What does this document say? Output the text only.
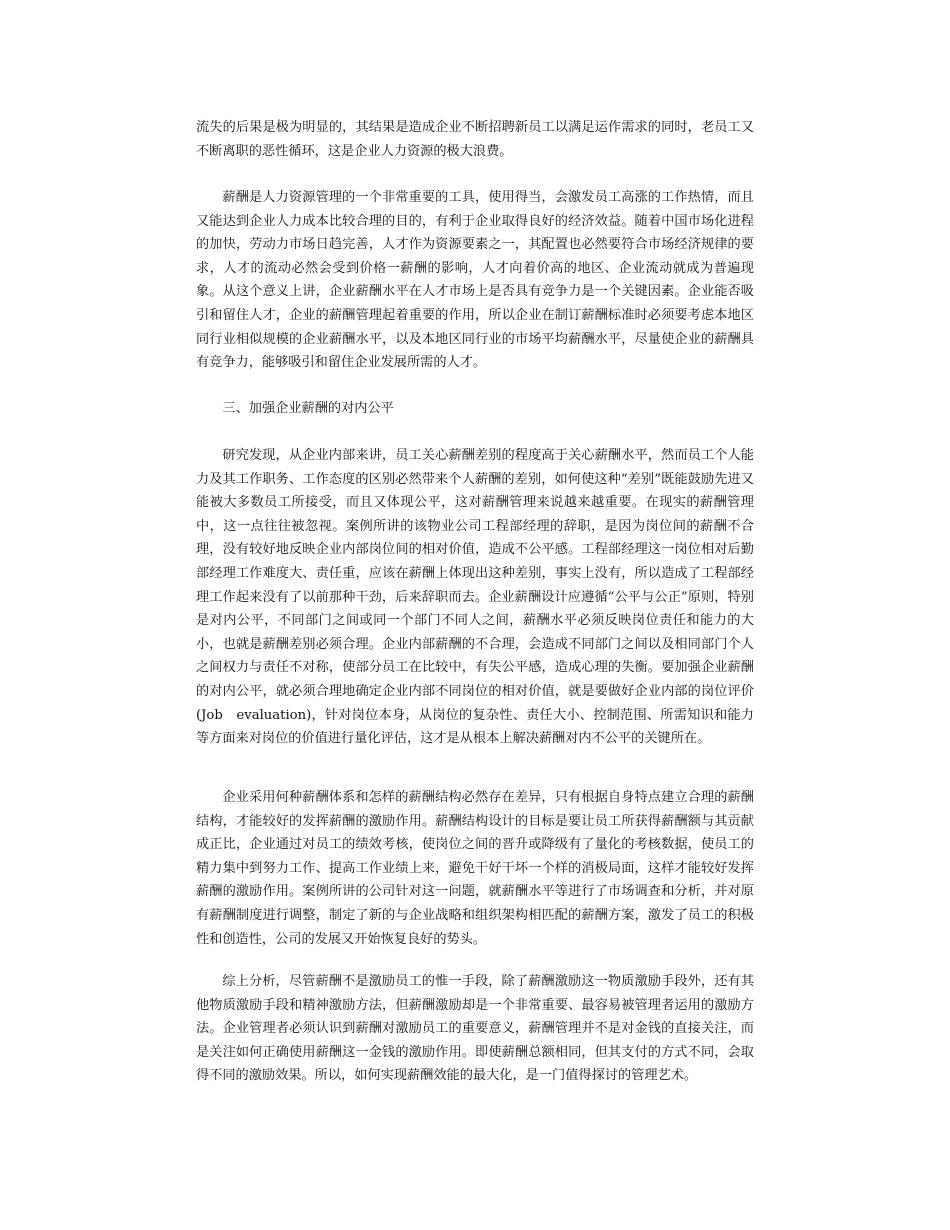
流失的后果是极为明显的，其结果是造成企业不断招聘新员工以满足运作需求的同时，老员工又不断离职的恶性循环，这是企业人力资源的极大浪费。

薪酬是人力资源管理的一个非常重要的工具，使用得当，会激发员工高涨的工作热情，而且又能达到企业人力成本比较合理的目的，有利于企业取得良好的经济效益。随着中国市场化进程的加快，劳动力市场日趋完善，人才作为资源要素之一，其配置也必然要符合市场经济规律的要求，人才的流动必然会受到价格一薪酬的影响，人才向着价高的地区、企业流动就成为普遍现象。从这个意义上讲，企业薪酬水平在人才市场上是否具有竞争力是一个关键因素。企业能否吸引和留住人才，企业的薪酬管理起着重要的作用，所以企业在制订薪酬标准时必须要考虑本地区同行业相似规模的企业薪酬水平，以及本地区同行业的市场平均薪酬水平，尽量使企业的薪酬具有竞争力，能够吸引和留住企业发展所需的人才。

三、加强企业薪酬的对内公平

研究发现，从企业内部来讲，员工关心薪酬差别的程度高于关心薪酬水平，然而员工个人能力及其工作职务、工作态度的区别必然带来个人薪酬的差别，如何使这种“差别”既能鼓励先进又能被大多数员工所接受，而且又体现公平，这对薪酬管理来说越来越重要。在现实的薪酬管理中，这一点往往被忽视。案例所讲的该物业公司工程部经理的辞职，是因为岗位间的薪酬不合理，没有较好地反映企业内部岗位间的相对价值，造成不公平感。工程部经理这一岗位相对后勤部经理工作难度大、责任重，应该在薪酬上体现出这种差别，事实上没有，所以造成了工程部经理工作起来没有了以前那种干劲，后来辞职而去。企业薪酬设计应遵循“公平与公正”原则，特别是对内公平，不同部门之间或同一个部门不同人之间，薪酬水平必须反映岗位责任和能力的大小，也就是薪酬差别必须合理。企业内部薪酬的不合理，会造成不同部门之间以及相同部门个人之间权力与责任不对称，使部分员工在比较中，有失公平感，造成心理的失衡。要加强企业薪酬的对内公平，就必须合理地确定企业内部不同岗位的相对价值，就是要做好企业内部的岗位评价(Job　evaluation)，针对岗位本身，从岗位的复杂性、责任大小、控制范围、所需知识和能力等方面来对岗位的价值进行量化评估，这才是从根本上解决薪酬对内不公平的关键所在。

企业采用何种薪酬体系和怎样的薪酬结构必然存在差异，只有根据自身特点建立合理的薪酬结构，才能较好的发挥薪酬的激励作用。薪酬结构设计的目标是要让员工所获得薪酬额与其贡献成正比，企业通过对员工的绩效考核，使岗位之间的晋升或降级有了量化的考核数据，使员工的精力集中到努力工作、提高工作业绩上来，避免干好干坏一个样的消极局面，这样才能较好发挥薪酬的激励作用。案例所讲的公司针对这一问题，就薪酬水平等进行了市场调查和分析，并对原有薪酬制度进行调整，制定了新的与企业战略和组织架构相匹配的薪酬方案，激发了员工的积极性和创造性，公司的发展又开始恢复良好的势头。

综上分析，尽管薪酬不是激励员工的惟一手段，除了薪酬激励这一物质激励手段外，还有其他物质激励手段和精神激励方法，但薪酬激励却是一个非常重要、最容易被管理者运用的激励方法。企业管理者必须认识到薪酬对激励员工的重要意义，薪酬管理并不是对金钱的直接关注，而是关注如何正确使用薪酬这一金钱的激励作用。即使薪酬总额相同，但其支付的方式不同，会取得不同的激励效果。所以，如何实现薪酬效能的最大化，是一门值得探讨的管理艺术。
